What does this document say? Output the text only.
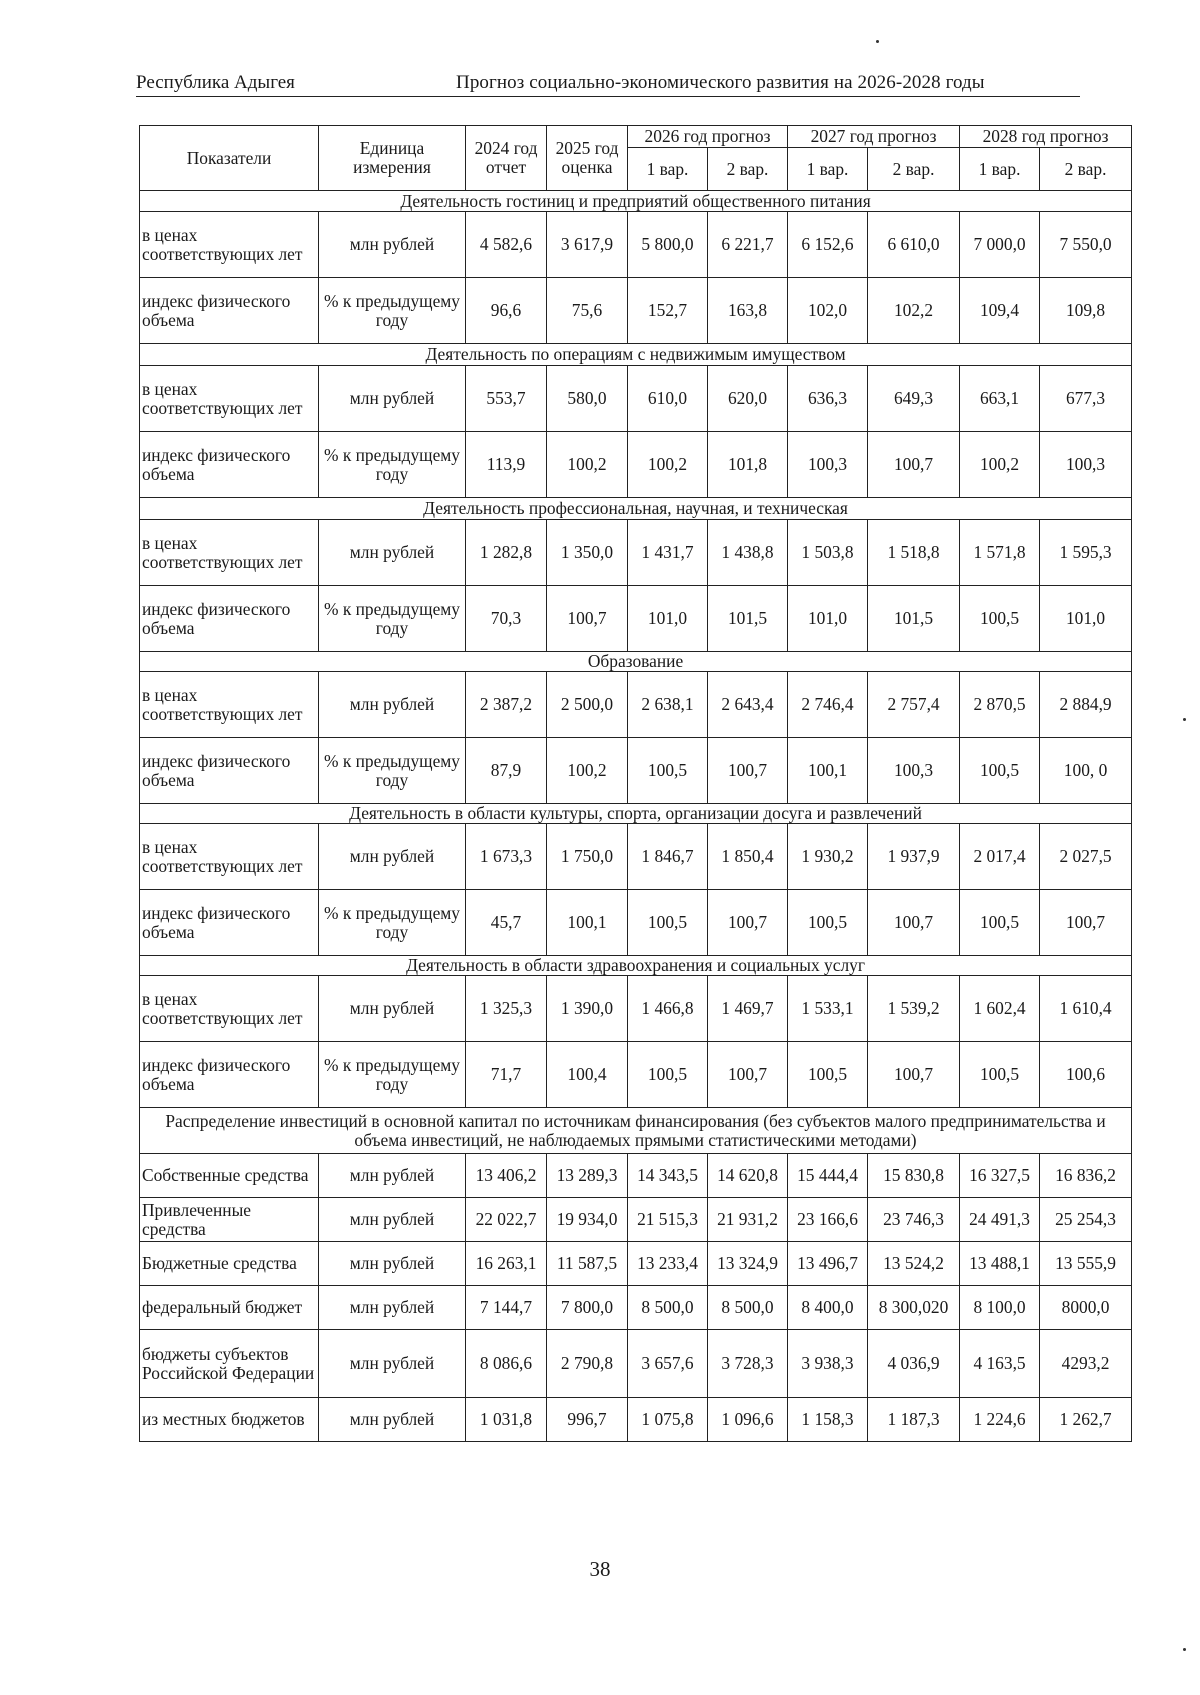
Республика Адыгея	Прогноз социально-экономического развития на 2026-2028 годы
Показатели	Единица измерения	2024 год отчет	2025 год оценка	2026 год прогноз		2027 год прогноз		2028 год прогноз	
				1 вар.	2 вар.	1 вар.	2 вар.	1 вар.	2 вар.
Деятельность гостиниц и предприятий общественного питания									
в ценах соответствующих лет	млн рублей	4 582,6	3 617,9	5 800,0	6 221,7	6 152,6	6 610,0	7 000,0	7 550,0
индекс физического объема	% к предыдущему году	96,6	75,6	152,7	163,8	102,0	102,2	109,4	109,8
Деятельность по операциям с недвижимым имуществом									
в ценах соответствующих лет	млн рублей	553,7	580,0	610,0	620,0	636,3	649,3	663,1	677,3
индекс физического объема	% к предыдущему году	113,9	100,2	100,2	101,8	100,3	100,7	100,2	100,3
Деятельность профессиональная, научная, и техническая									
в ценах соответствующих лет	млн рублей	1 282,8	1 350,0	1 431,7	1 438,8	1 503,8	1 518,8	1 571,8	1 595,3
индекс физического объема	% к предыдущему году	70,3	100,7	101,0	101,5	101,0	101,5	100,5	101,0
Образование									
в ценах соответствующих лет	млн рублей	2 387,2	2 500,0	2 638,1	2 643,4	2 746,4	2 757,4	2 870,5	2 884,9
индекс физического объема	% к предыдущему году	87,9	100,2	100,5	100,7	100,1	100,3	100,5	100, 0
Деятельность в области культуры, спорта, организации досуга и развлечений									
в ценах соответствующих лет	млн рублей	1 673,3	1 750,0	1 846,7	1 850,4	1 930,2	1 937,9	2 017,4	2 027,5
индекс физического объема	% к предыдущему году	45,7	100,1	100,5	100,7	100,5	100,7	100,5	100,7
Деятельность в области здравоохранения и социальных услуг									
в ценах соответствующих лет	млн рублей	1 325,3	1 390,0	1 466,8	1 469,7	1 533,1	1 539,2	1 602,4	1 610,4
индекс физического объема	% к предыдущему году	71,7	100,4	100,5	100,7	100,5	100,7	100,5	100,6
Распределение инвестиций в основной капитал по источникам финансирования (без субъектов малого предпринимательства и объема инвестиций, не наблюдаемых прямыми статистическими методами)									
Собственные средства	млн рублей	13 406,2	13 289,3	14 343,5	14 620,8	15 444,4	15 830,8	16 327,5	16 836,2
Привлеченные средства	млн рублей	22 022,7	19 934,0	21 515,3	21 931,2	23 166,6	23 746,3	24 491,3	25 254,3
Бюджетные средства	млн рублей	16 263,1	11 587,5	13 233,4	13 324,9	13 496,7	13 524,2	13 488,1	13 555,9
федеральный бюджет	млн рублей	7 144,7	7 800,0	8 500,0	8 500,0	8 400,0	8 300,020	8 100,0	8000,0
бюджеты субъектов Российской Федерации	млн рублей	8 086,6	2 790,8	3 657,6	3 728,3	3 938,3	4 036,9	4 163,5	4293,2
из местных бюджетов	млн рублей	1 031,8	996,7	1 075,8	1 096,6	1 158,3	1 187,3	1 224,6	1 262,7
38
